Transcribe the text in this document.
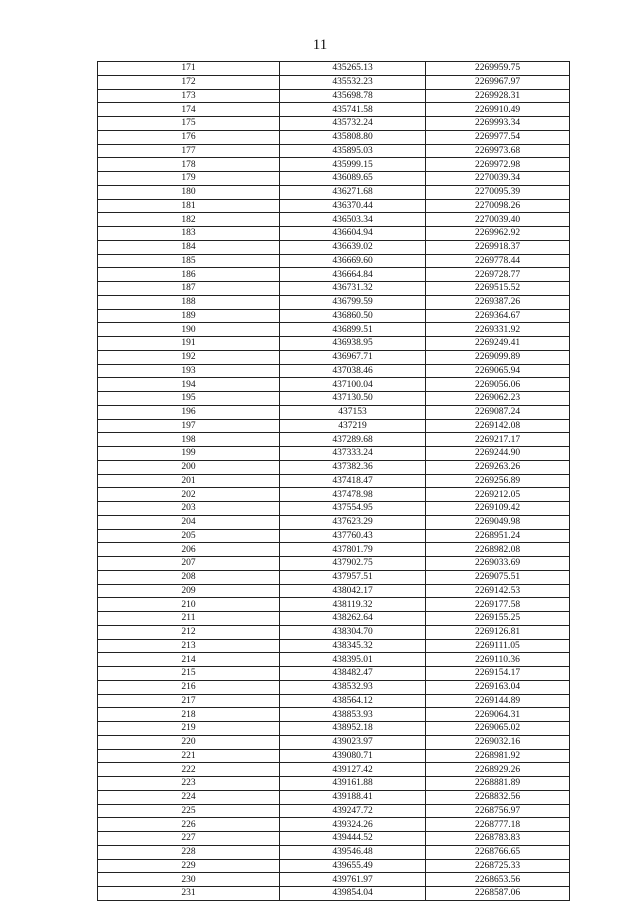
11
171	435265.13	2269959.75
172	435532.23	2269967.97
173	435698.78	2269928.31
174	435741.58	2269910.49
175	435732.24	2269993.34
176	435808.80	2269977.54
177	435895.03	2269973.68
178	435999.15	2269972.98
179	436089.65	2270039.34
180	436271.68	2270095.39
181	436370.44	2270098.26
182	436503.34	2270039.40
183	436604.94	2269962.92
184	436639.02	2269918.37
185	436669.60	2269778.44
186	436664.84	2269728.77
187	436731.32	2269515.52
188	436799.59	2269387.26
189	436860.50	2269364.67
190	436899.51	2269331.92
191	436938.95	2269249.41
192	436967.71	2269099.89
193	437038.46	2269065.94
194	437100.04	2269056.06
195	437130.50	2269062.23
196	437153	2269087.24
197	437219	2269142.08
198	437289.68	2269217.17
199	437333.24	2269244.90
200	437382.36	2269263.26
201	437418.47	2269256.89
202	437478.98	2269212.05
203	437554.95	2269109.42
204	437623.29	2269049.98
205	437760.43	2268951.24
206	437801.79	2268982.08
207	437902.75	2269033.69
208	437957.51	2269075.51
209	438042.17	2269142.53
210	438119.32	2269177.58
211	438262.64	2269155.25
212	438304.70	2269126.81
213	438345.32	2269111.05
214	438395.01	2269110.36
215	438482.47	2269154.17
216	438532.93	2269163.04
217	438564.12	2269144.89
218	438853.93	2269064.31
219	438952.18	2269065.02
220	439023.97	2269032.16
221	439080.71	2268981.92
222	439127.42	2268929.26
223	439161.88	2268881.89
224	439188.41	2268832.56
225	439247.72	2268756.97
226	439324.26	2268777.18
227	439444.52	2268783.83
228	439546.48	2268766.65
229	439655.49	2268725.33
230	439761.97	2268653.56
231	439854.04	2268587.06
